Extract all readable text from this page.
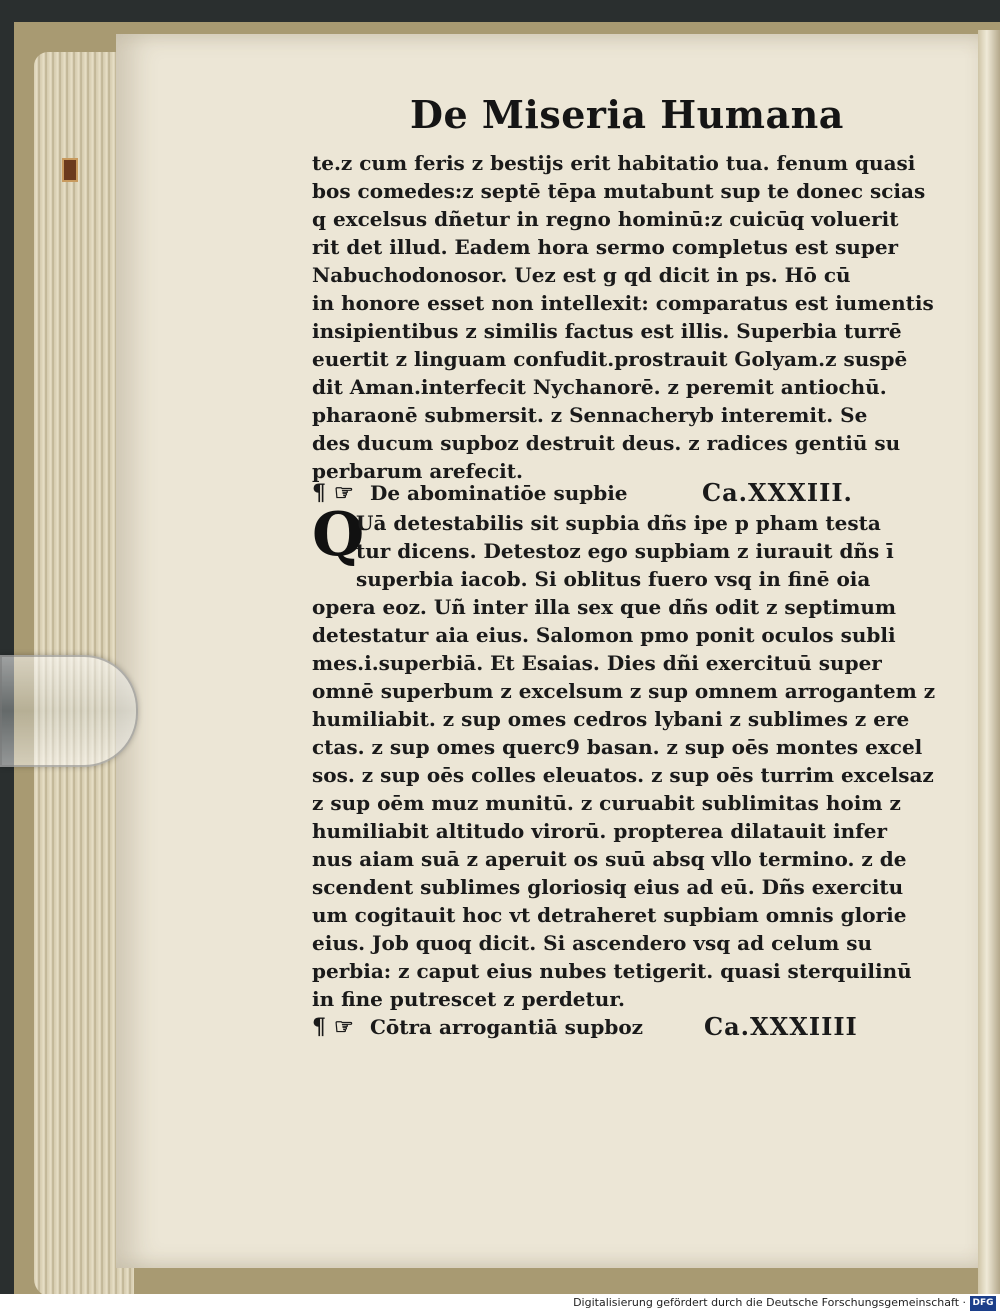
De Miseria Humana
te.z cum feris z bestijs erit habitatio tua. fenum quasi
bos comedes:z septē tēpa mutabunt sup te donec scias
q excelsus dñetur in regno hominū:z cuicūq voluerit
rit det illud. Eadem hora sermo completus est super
Nabuchodonosor. Uez est g qd dicit in ps. Hō cū
in honore esset non intellexit: comparatus est iumentis
insipientibus z similis factus est illis. Superbia turrē
euertit z linguam confudit.prostrauit Golyam.z suspē
dit Aman.interfecit Nychanorē. z peremit antiochū.
pharaonē submersit. z Sennacheryb interemit. Se
des ducum supboz destruit deus. z radices gentiū su
perbarum arefecit.
¶ ☞ De abominatiōe supbie	Ca.XXXIII.
Q
Uā detestabilis sit supbia dñs ipe p pham testa
tur dicens. Detestoz ego supbiam z iurauit dñs ī
superbia iacob. Si oblitus fuero vsq in finē oia
opera eoz. Uñ inter illa sex que dñs odit z septimum
detestatur aia eius. Salomon pmo ponit oculos subli
mes.i.superbiā. Et Esaias. Dies dñi exercituū super
omnē superbum z excelsum z sup omnem arrogantem z
humiliabit. z sup omes cedros lybani z sublimes z ere
ctas. z sup omes querc9 basan. z sup oēs montes excel
sos. z sup oēs colles eleuatos. z sup oēs turrim excelsaz
z sup oēm muz munitū. z curuabit sublimitas hoim z
humiliabit altitudo virorū. propterea dilatauit infer
nus aiam suā z aperuit os suū absq vllo termino. z de
scendent sublimes gloriosiq eius ad eū. Dñs exercitu
um cogitauit hoc vt detraheret supbiam omnis glorie
eius. Job quoq dicit. Si ascendero vsq ad celum su
perbia: z caput eius nubes tetigerit. quasi sterquilinū
in fine putrescet z perdetur.
¶ ☞ Cōtra arrogantiā supboz	Ca.XXXIIII
Digitalisierung gefördert durch die Deutsche Forschungsgemeinschaft · DFG
